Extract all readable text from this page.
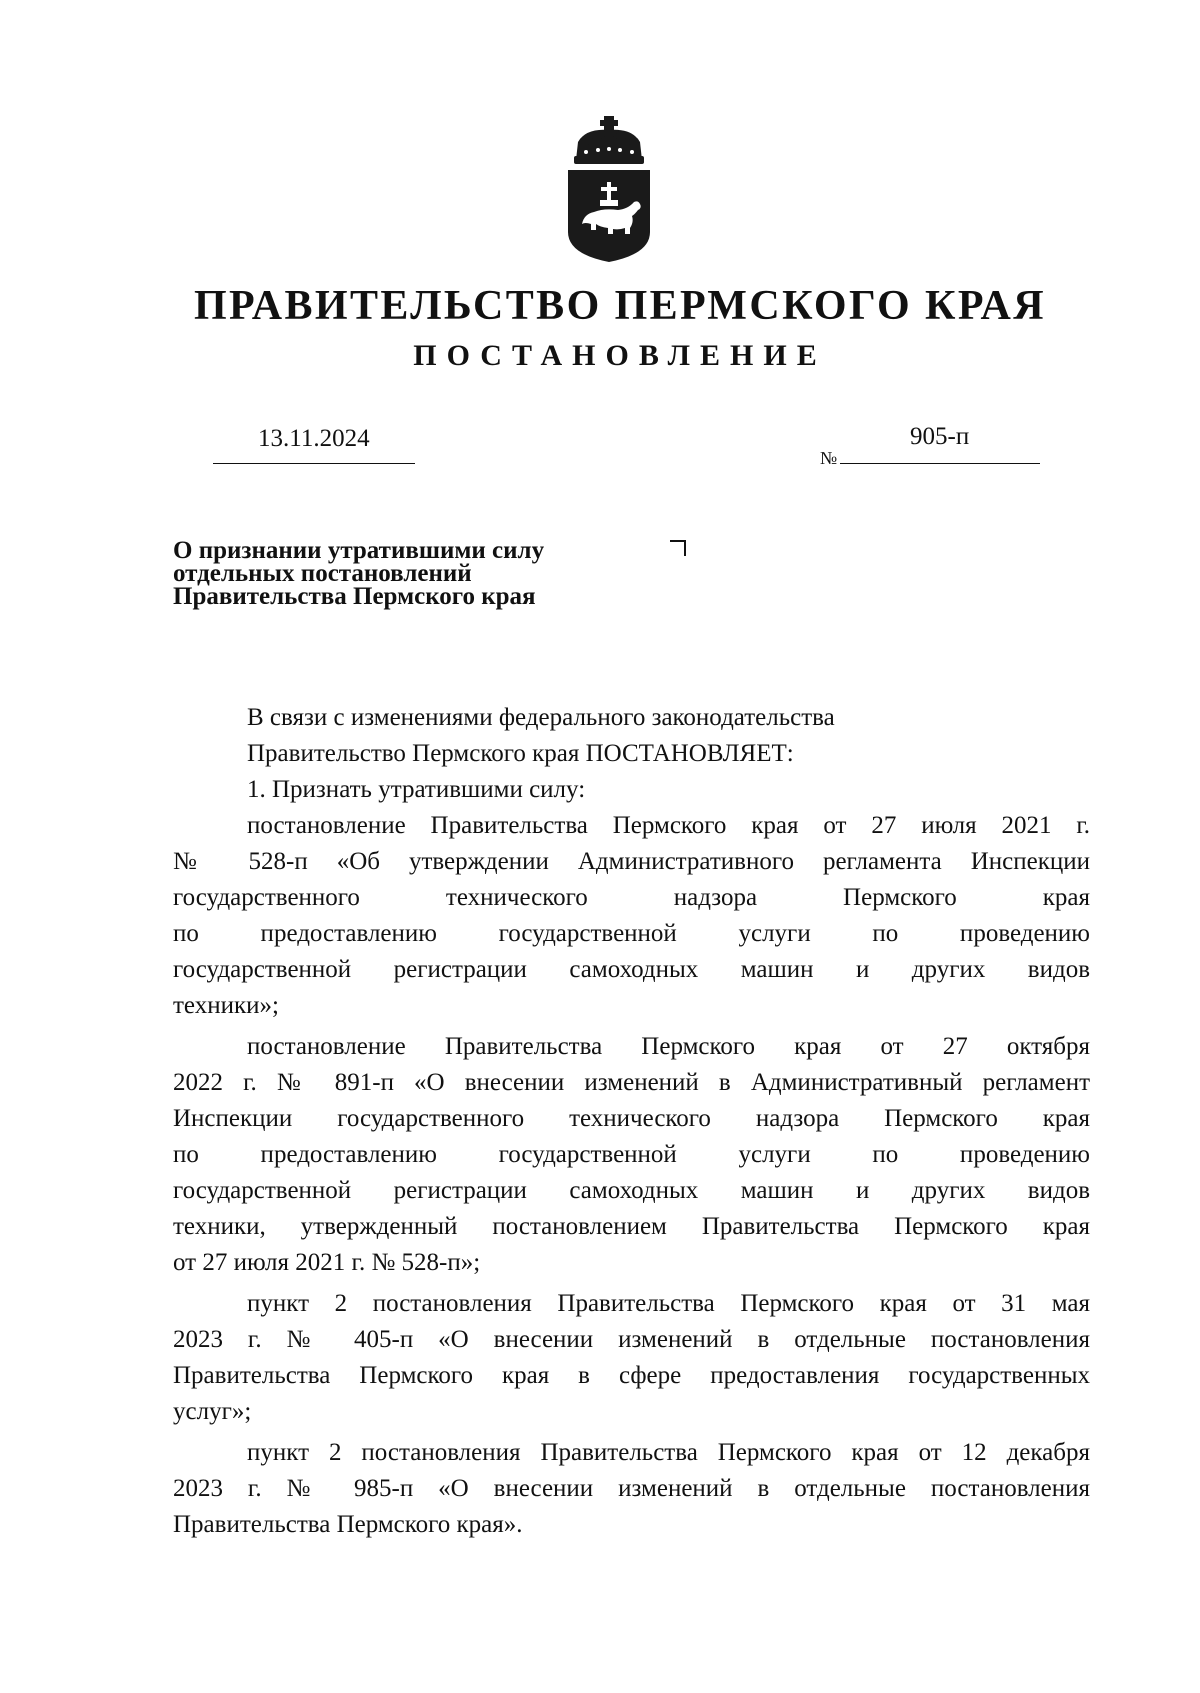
ПРАВИТЕЛЬСТВО ПЕРМСКОГО КРАЯ
ПОСТАНОВЛЕНИЕ
13.11.2024
№
905-п
О признании утратившими силу
отдельных постановлений
Правительства Пермского края
В связи с изменениями федерального законодательства
Правительство Пермского края ПОСТАНОВЛЯЕТ:
1. Признать утратившими силу:
постановление Правительства Пермского края от 27 июля 2021 г.
№ 528-п «Об утверждении Административного регламента Инспекции
государственного технического надзора Пермского края
по предоставлению государственной услуги по проведению
государственной регистрации самоходных машин и других видов
техники»;
постановление Правительства Пермского края от 27 октября
2022 г. № 891-п «О внесении изменений в Административный регламент
Инспекции государственного технического надзора Пермского края
по предоставлению государственной услуги по проведению
государственной регистрации самоходных машин и других видов
техники, утвержденный постановлением Правительства Пермского края
от 27 июля 2021 г. № 528-п»;
пункт 2 постановления Правительства Пермского края от 31 мая
2023 г. № 405-п «О внесении изменений в отдельные постановления
Правительства Пермского края в сфере предоставления государственных
услуг»;
пункт 2 постановления Правительства Пермского края от 12 декабря
2023 г. № 985-п «О внесении изменений в отдельные постановления
Правительства Пермского края».
